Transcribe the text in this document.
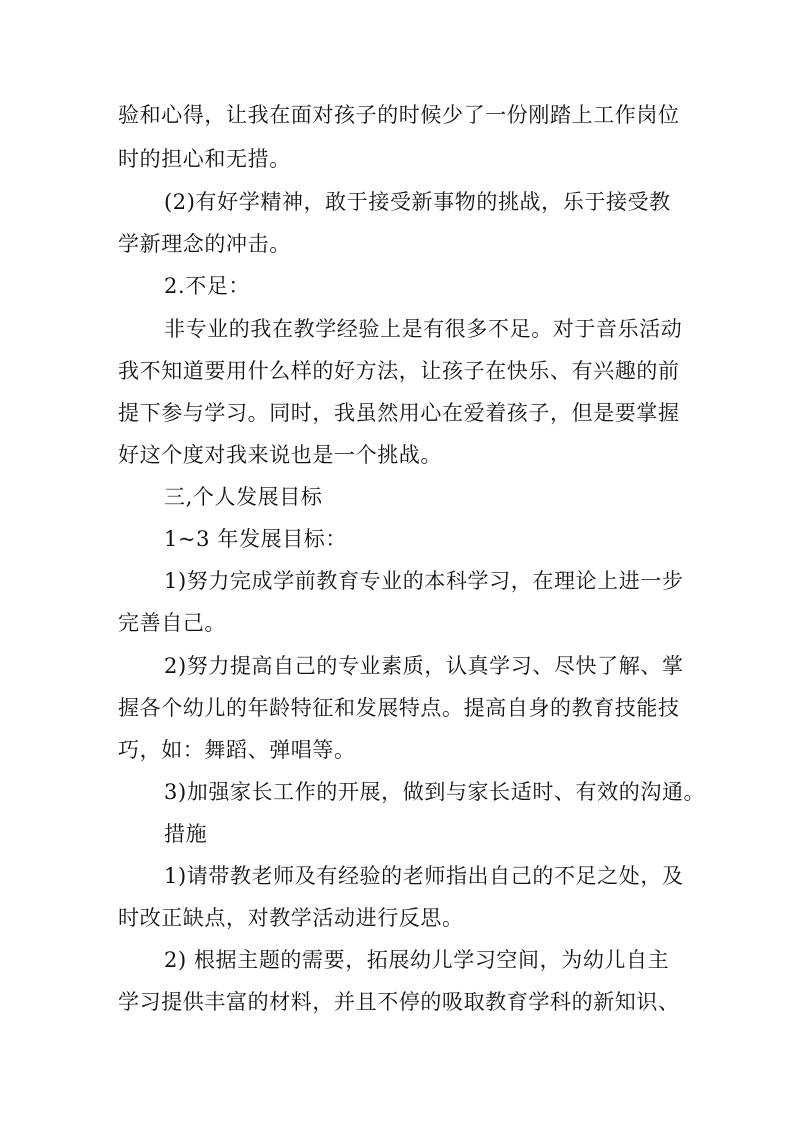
验和心得，让我在面对孩子的时候少了一份刚踏上工作岗位
时的担心和无措。
(2)有好学精神，敢于接受新事物的挑战，乐于接受教
学新理念的冲击。
2.不足：
非专业的我在教学经验上是有很多不足。对于音乐活动
我不知道要用什么样的好方法，让孩子在快乐、有兴趣的前
提下参与学习。同时，我虽然用心在爱着孩子，但是要掌握
好这个度对我来说也是一个挑战。
三,个人发展目标
1~3 年发展目标：
1)努力完成学前教育专业的本科学习，在理论上进一步
完善自己。
2)努力提高自己的专业素质，认真学习、尽快了解、掌
握各个幼儿的年龄特征和发展特点。提高自身的教育技能技
巧，如：舞蹈、弹唱等。
3)加强家长工作的开展，做到与家长适时、有效的沟通。
措施
1)请带教老师及有经验的老师指出自己的不足之处，及
时改正缺点，对教学活动进行反思。
2) 根据主题的需要，拓展幼儿学习空间，为幼儿自主
学习提供丰富的材料，并且不停的吸取教育学科的新知识、
